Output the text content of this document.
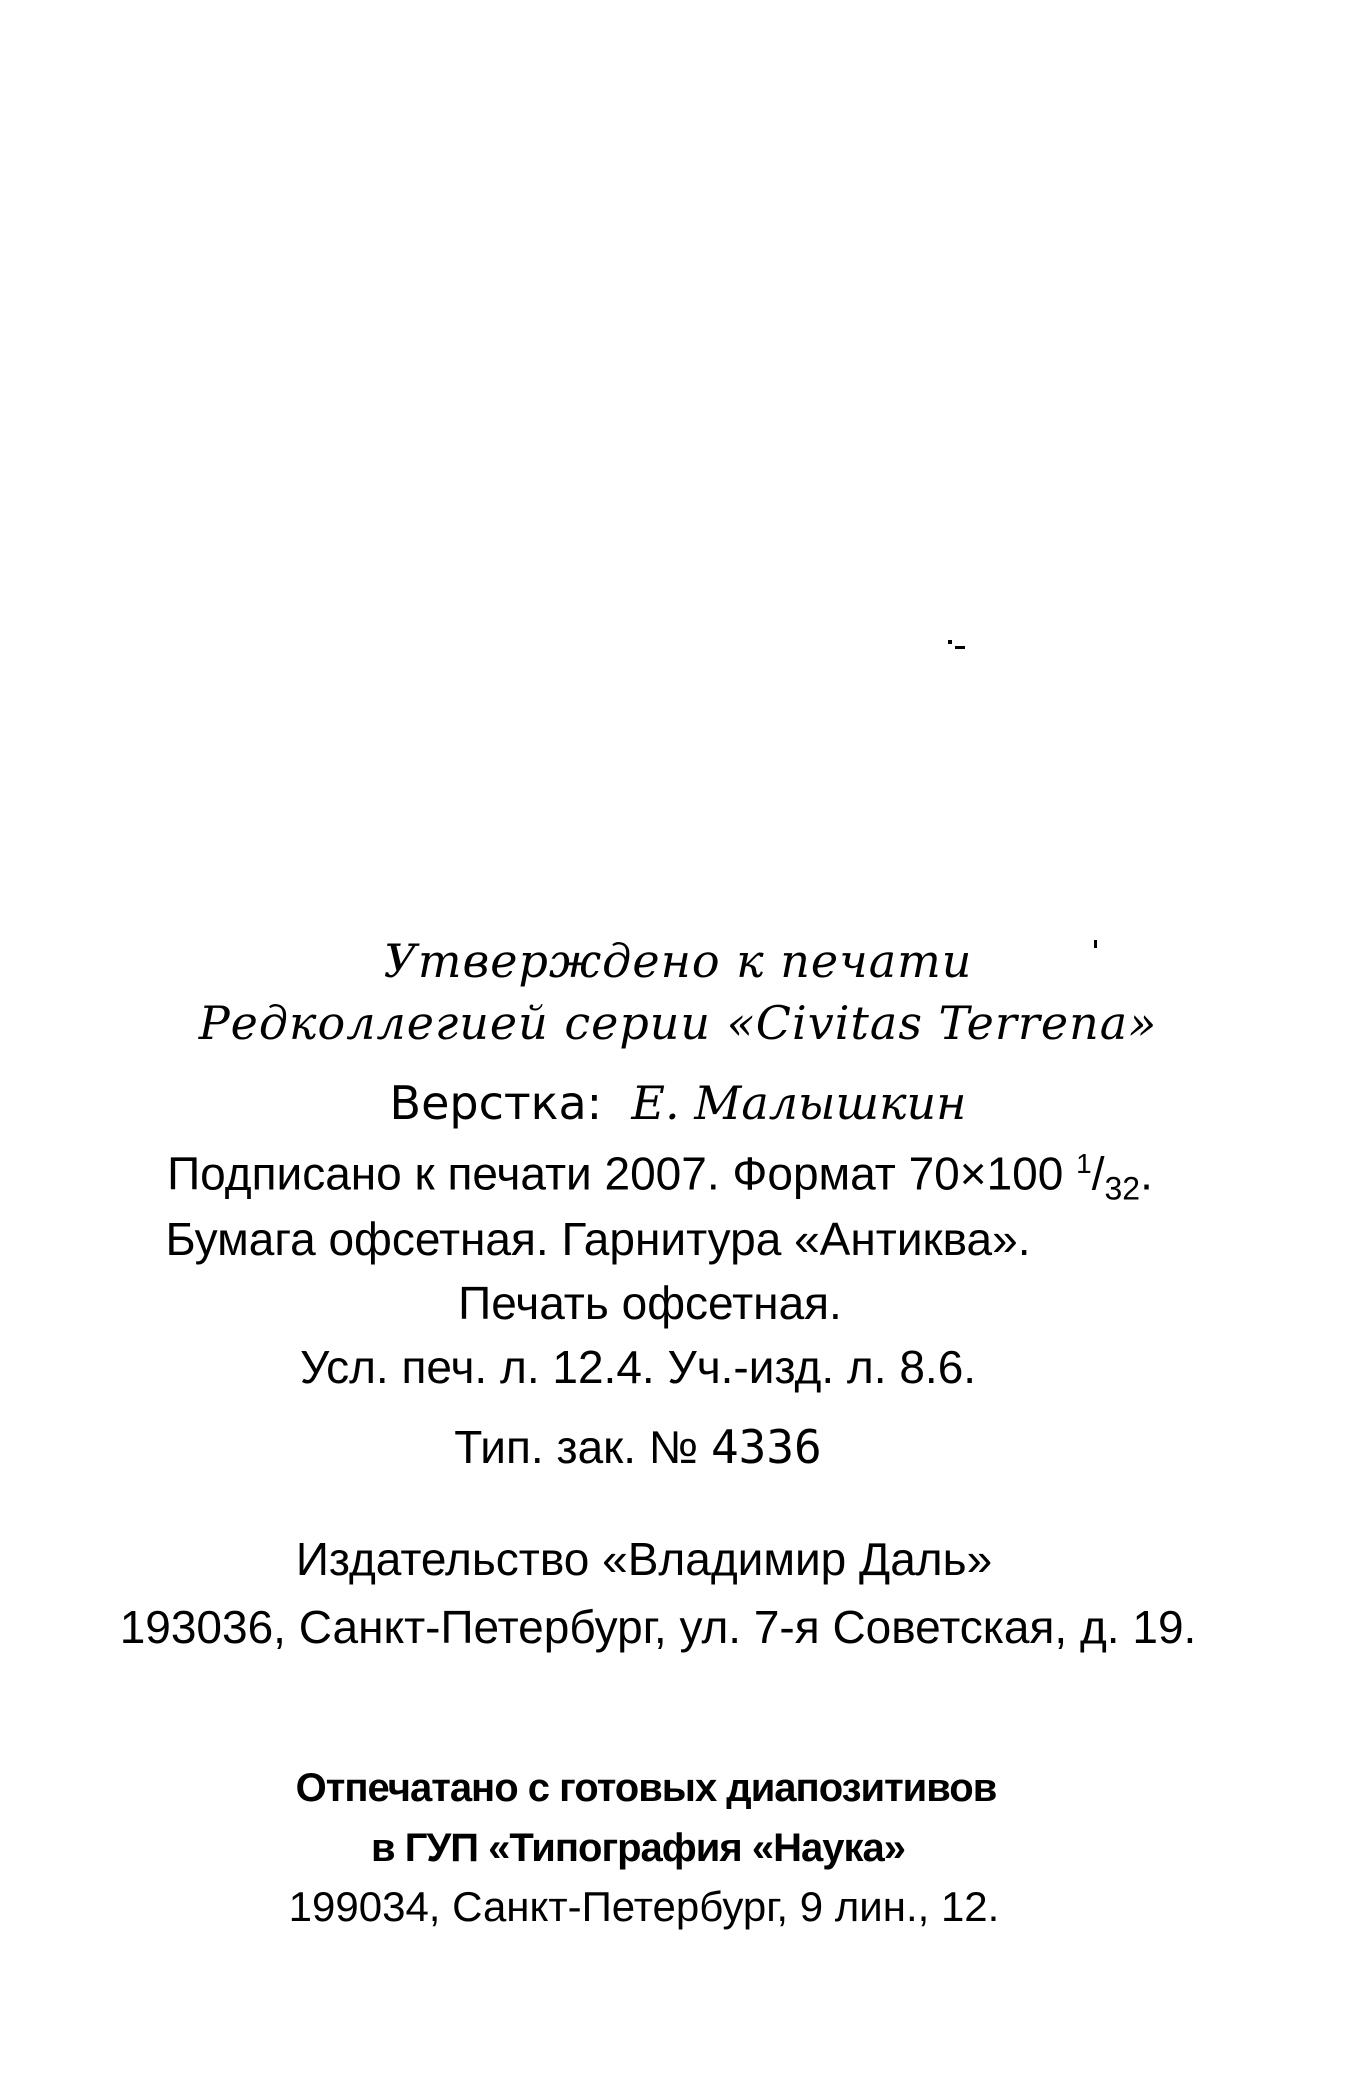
Утверждено к печати
Редколлегией серии «Civitas Terrena»
Верстка: Е. Малышкин
Подписано к печати 2007. Формат 70×100 $^1/_{32}$.
Бумага офсетная. Гарнитура «Антиква».
Печать офсетная.
Усл. печ. л. 12.4. Уч.-изд. л. 8.6.
Тип. зак. № 4336
Издательство «Владимир Даль»
193036, Санкт-Петербург, ул. 7-я Советская, д. 19.
Отпечатано с готовых диапозитивов
в ГУП «Типография «Наука»
199034, Санкт-Петербург, 9 лин., 12.
